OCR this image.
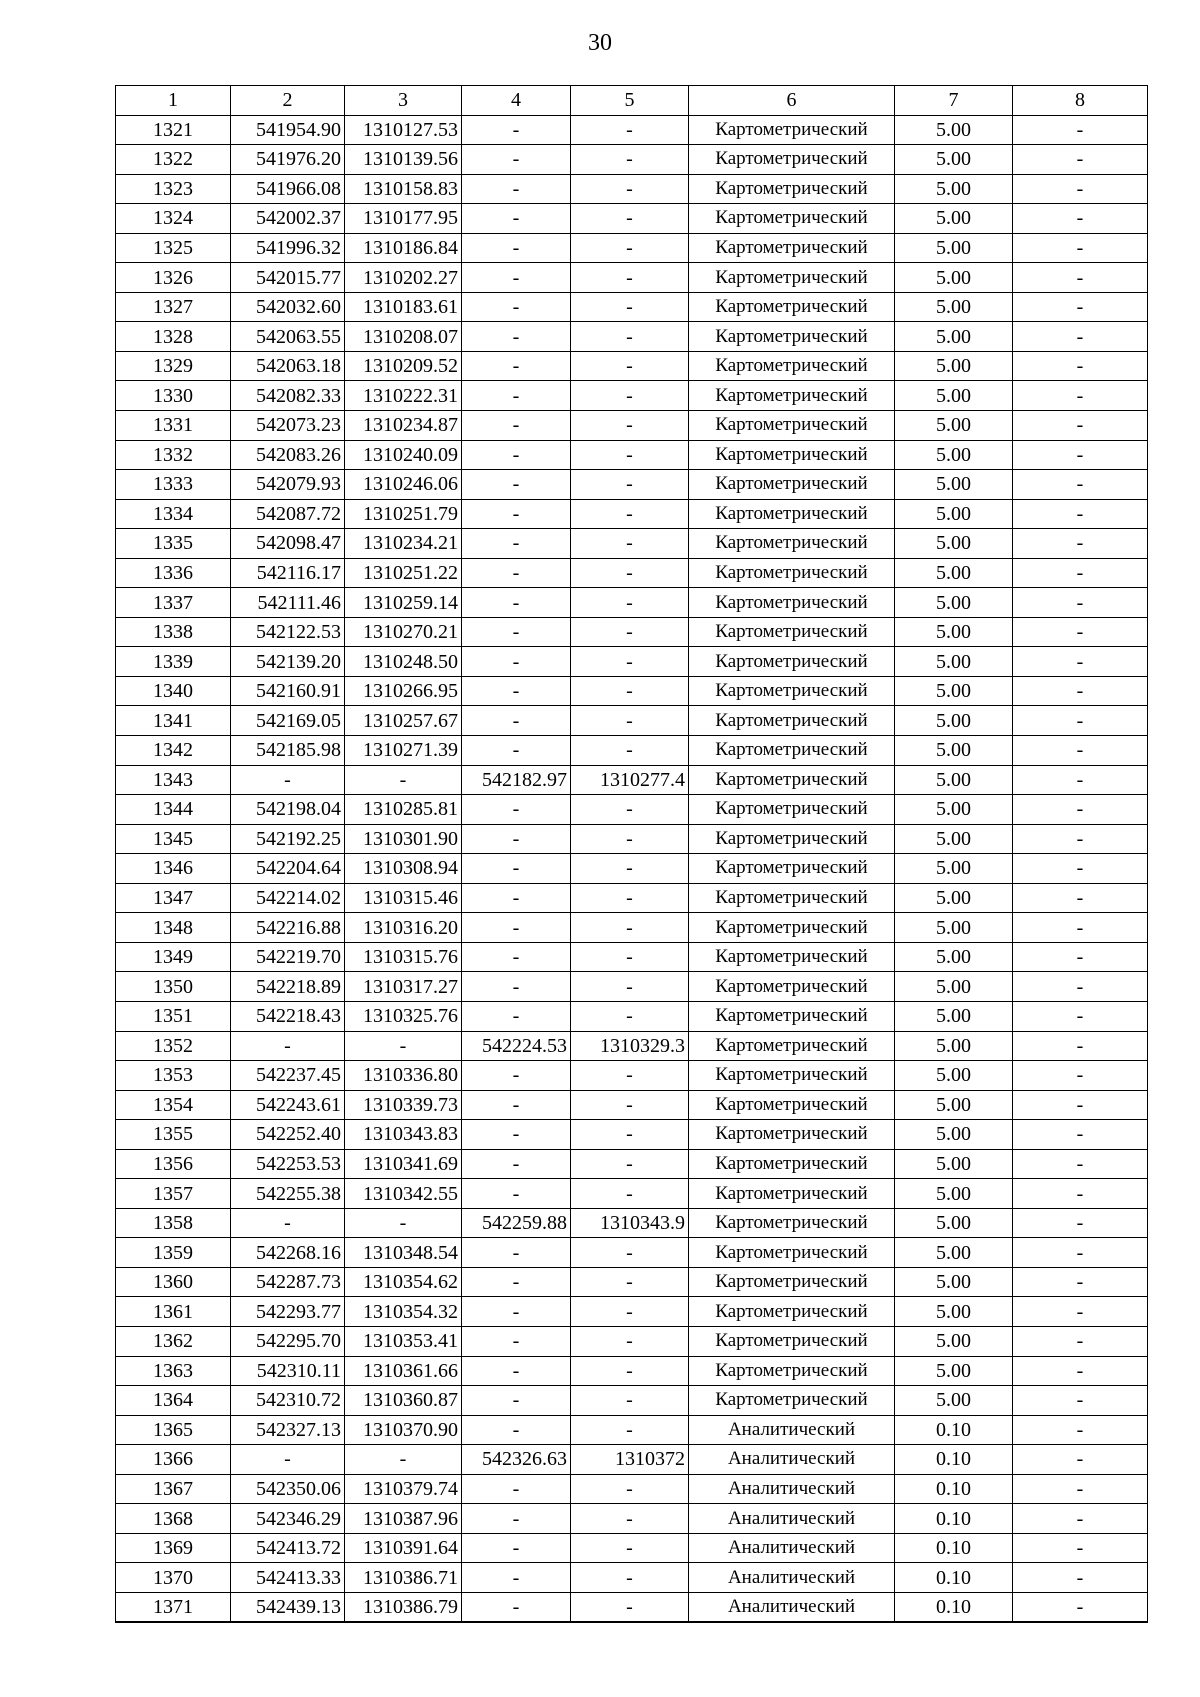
30
1	2	3	4	5	6	7	8
1321	541954.90	1310127.53	-	-	Картометрический	5.00	-
1322	541976.20	1310139.56	-	-	Картометрический	5.00	-
1323	541966.08	1310158.83	-	-	Картометрический	5.00	-
1324	542002.37	1310177.95	-	-	Картометрический	5.00	-
1325	541996.32	1310186.84	-	-	Картометрический	5.00	-
1326	542015.77	1310202.27	-	-	Картометрический	5.00	-
1327	542032.60	1310183.61	-	-	Картометрический	5.00	-
1328	542063.55	1310208.07	-	-	Картометрический	5.00	-
1329	542063.18	1310209.52	-	-	Картометрический	5.00	-
1330	542082.33	1310222.31	-	-	Картометрический	5.00	-
1331	542073.23	1310234.87	-	-	Картометрический	5.00	-
1332	542083.26	1310240.09	-	-	Картометрический	5.00	-
1333	542079.93	1310246.06	-	-	Картометрический	5.00	-
1334	542087.72	1310251.79	-	-	Картометрический	5.00	-
1335	542098.47	1310234.21	-	-	Картометрический	5.00	-
1336	542116.17	1310251.22	-	-	Картометрический	5.00	-
1337	542111.46	1310259.14	-	-	Картометрический	5.00	-
1338	542122.53	1310270.21	-	-	Картометрический	5.00	-
1339	542139.20	1310248.50	-	-	Картометрический	5.00	-
1340	542160.91	1310266.95	-	-	Картометрический	5.00	-
1341	542169.05	1310257.67	-	-	Картометрический	5.00	-
1342	542185.98	1310271.39	-	-	Картометрический	5.00	-
1343	-	-	542182.97	1310277.4	Картометрический	5.00	-
1344	542198.04	1310285.81	-	-	Картометрический	5.00	-
1345	542192.25	1310301.90	-	-	Картометрический	5.00	-
1346	542204.64	1310308.94	-	-	Картометрический	5.00	-
1347	542214.02	1310315.46	-	-	Картометрический	5.00	-
1348	542216.88	1310316.20	-	-	Картометрический	5.00	-
1349	542219.70	1310315.76	-	-	Картометрический	5.00	-
1350	542218.89	1310317.27	-	-	Картометрический	5.00	-
1351	542218.43	1310325.76	-	-	Картометрический	5.00	-
1352	-	-	542224.53	1310329.3	Картометрический	5.00	-
1353	542237.45	1310336.80	-	-	Картометрический	5.00	-
1354	542243.61	1310339.73	-	-	Картометрический	5.00	-
1355	542252.40	1310343.83	-	-	Картометрический	5.00	-
1356	542253.53	1310341.69	-	-	Картометрический	5.00	-
1357	542255.38	1310342.55	-	-	Картометрический	5.00	-
1358	-	-	542259.88	1310343.9	Картометрический	5.00	-
1359	542268.16	1310348.54	-	-	Картометрический	5.00	-
1360	542287.73	1310354.62	-	-	Картометрический	5.00	-
1361	542293.77	1310354.32	-	-	Картометрический	5.00	-
1362	542295.70	1310353.41	-	-	Картометрический	5.00	-
1363	542310.11	1310361.66	-	-	Картометрический	5.00	-
1364	542310.72	1310360.87	-	-	Картометрический	5.00	-
1365	542327.13	1310370.90	-	-	Аналитический	0.10	-
1366	-	-	542326.63	1310372	Аналитический	0.10	-
1367	542350.06	1310379.74	-	-	Аналитический	0.10	-
1368	542346.29	1310387.96	-	-	Аналитический	0.10	-
1369	542413.72	1310391.64	-	-	Аналитический	0.10	-
1370	542413.33	1310386.71	-	-	Аналитический	0.10	-
1371	542439.13	1310386.79	-	-	Аналитический	0.10	-
